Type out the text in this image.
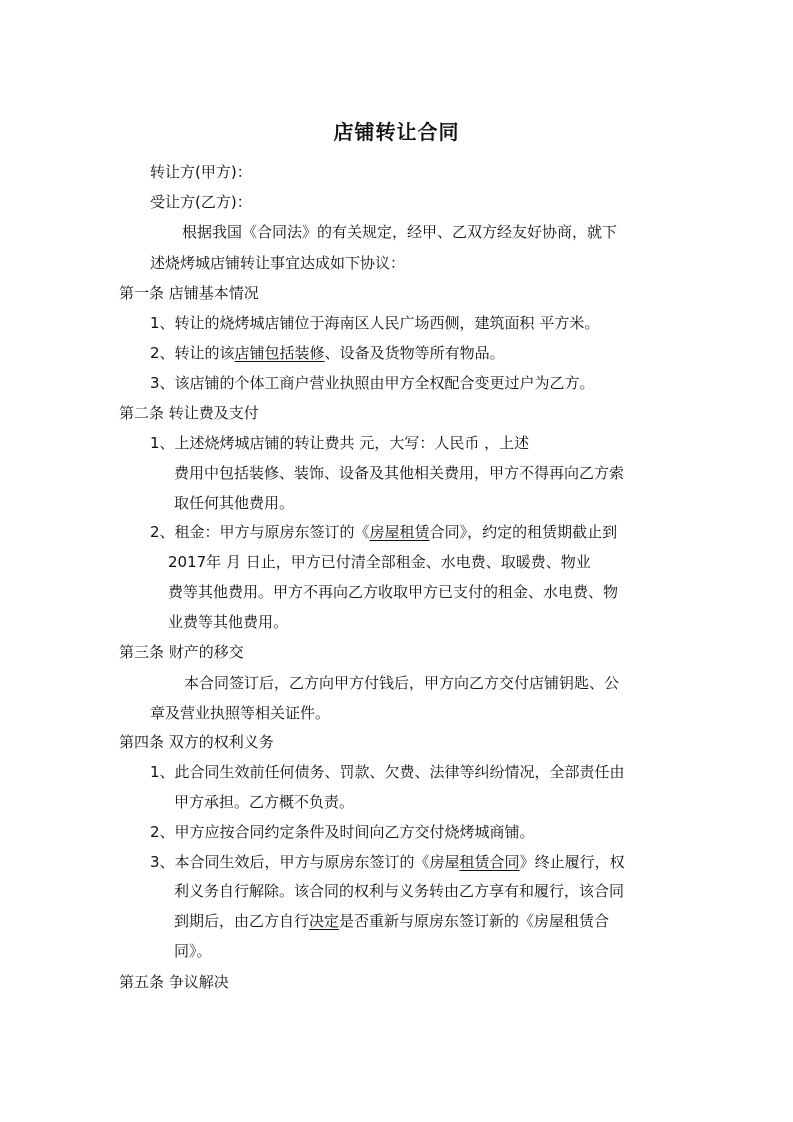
店铺转让合同
转让方(甲方)：
受让方(乙方)：
根据我国《合同法》的有关规定，经甲、乙双方经友好协商，就下
述烧烤城店铺转让事宜达成如下协议：
第一条 店铺基本情况
1、转让的烧烤城店铺位于海南区人民广场西侧，建筑面积 平方米。
2、转让的该店铺包括装修、设备及货物等所有物品。
3、该店铺的个体工商户营业执照由甲方全权配合变更过户为乙方。
第二条 转让费及支付
1、上述烧烤城店铺的转让费共 元，大写：人民币 ，上述
费用中包括装修、装饰、设备及其他相关费用，甲方不得再向乙方索
取任何其他费用。
2、租金：甲方与原房东签订的《房屋租赁合同》，约定的租赁期截止到
2017年 月 日止，甲方已付清全部租金、水电费、取暖费、物业
费等其他费用。甲方不再向乙方收取甲方已支付的租金、水电费、物
业费等其他费用。
第三条 财产的移交
本合同签订后，乙方向甲方付钱后，甲方向乙方交付店铺钥匙、公
章及营业执照等相关证件。
第四条 双方的权利义务
1、此合同生效前任何债务、罚款、欠费、法律等纠纷情况，全部责任由
甲方承担。乙方概不负责。
2、甲方应按合同约定条件及时间向乙方交付烧烤城商铺。
3、本合同生效后，甲方与原房东签订的《房屋租赁合同》终止履行，权
利义务自行解除。该合同的权利与义务转由乙方享有和履行，该合同
到期后，由乙方自行决定是否重新与原房东签订新的《房屋租赁合
同》。
第五条 争议解决
